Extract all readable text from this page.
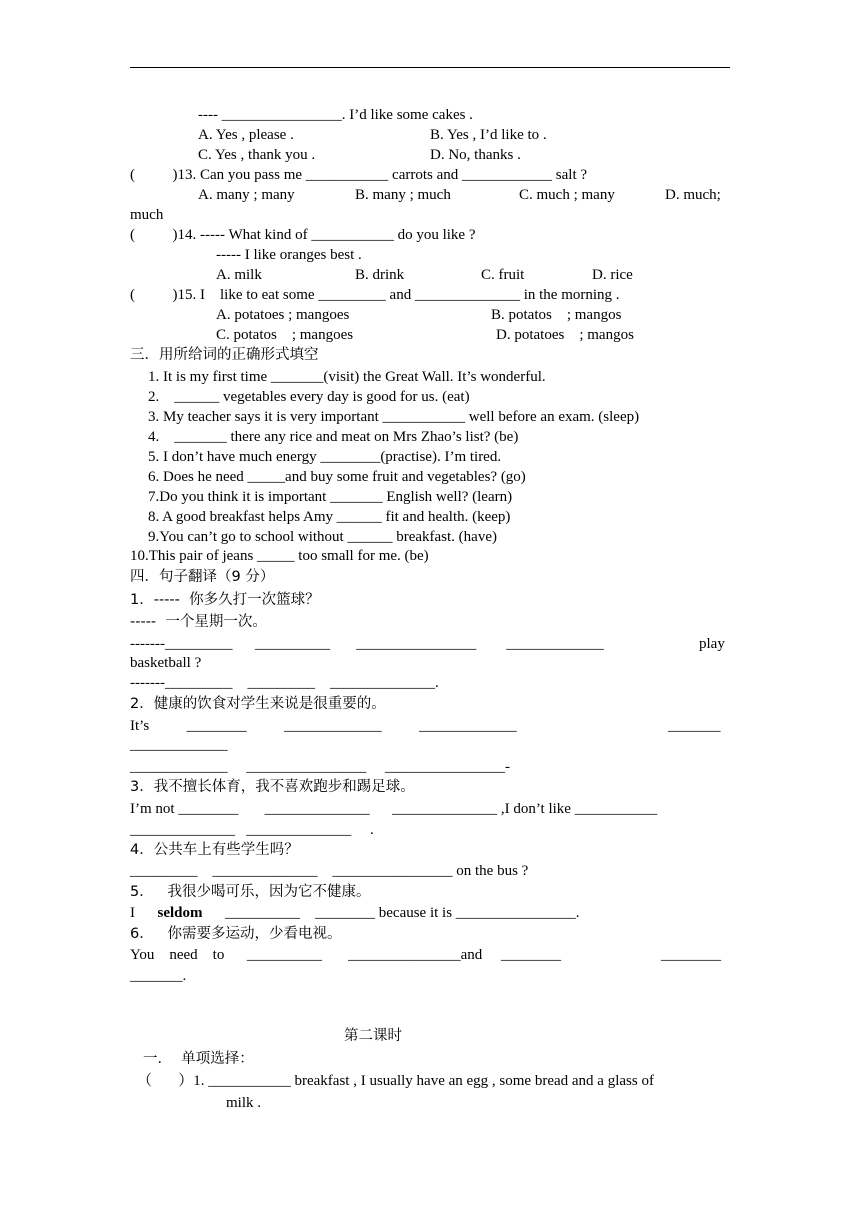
---- ________________. I’d like some cakes .
A. Yes , please .	B. Yes , I’d like to .
C. Yes , thank you .	D. No, thanks .
(          )13. Can you pass me ___________ carrots and ____________ salt ?
A. many ; many	B. many ; much	C. much ; many	D. much;
much
(          )14. ----- What kind of ___________ do you like ?
----- I like oranges best .
A. milk	B. drink	C. fruit	D. rice
(          )15. I    like to eat some _________ and ______________ in the morning .
A. potatoes ; mangoes	B. potatos    ; mangos
C. potatos    ; mangoes	D. potatoes    ; mangos
三．用所给词的正确形式填空
1. It is my first time _______(visit) the Great Wall. It’s wonderful.
2.    ______ vegetables every day is good for us. (eat)
3. My teacher says it is very important ___________ well before an exam. (sleep)
4.    _______ there any rice and meat on Mrs Zhao’s list? (be)
5. I don’t have much energy ________(practise). I’m tired.
6. Does he need _____and buy some fruit and vegetables? (go)
7.Do you think it is important _______ English well? (learn)
8. A good breakfast helps Amy ______ fit and health. (keep)
9.You can’t go to school without ______ breakfast. (have)
10.This pair of jeans _____ too small for me. (be)
四．句子翻译（9 分）
1．-----  你多久打一次篮球？
-----  一个星期一次。
-------_________      __________       ________________        _____________	play
basketball ?
-------_________    _________    ______________.
2．健康的饮食对学生来说是很重要的。
It’s          ________          _____________          _____________	_______
_____________
_____________     ________________     ________________-
3．我不擅长体育，我不喜欢跑步和踢足球。
I’m not ________       ______________      ______________ ,I don’t like ___________
______________   ______________     .
4．公共车上有些学生吗？
_________    ______________    ________________ on the bus ?
5．   我很少喝可乐，因为它不健康。
I      seldom      __________    ________ because it is ________________.
6．   你需要多运动，少看电视。
You    need    to      __________       _______________and     ________	________
_______.
第二课时
一．  单项选择：
（       ）1. ___________ breakfast , I usually have an egg , some bread and a glass of
milk .
